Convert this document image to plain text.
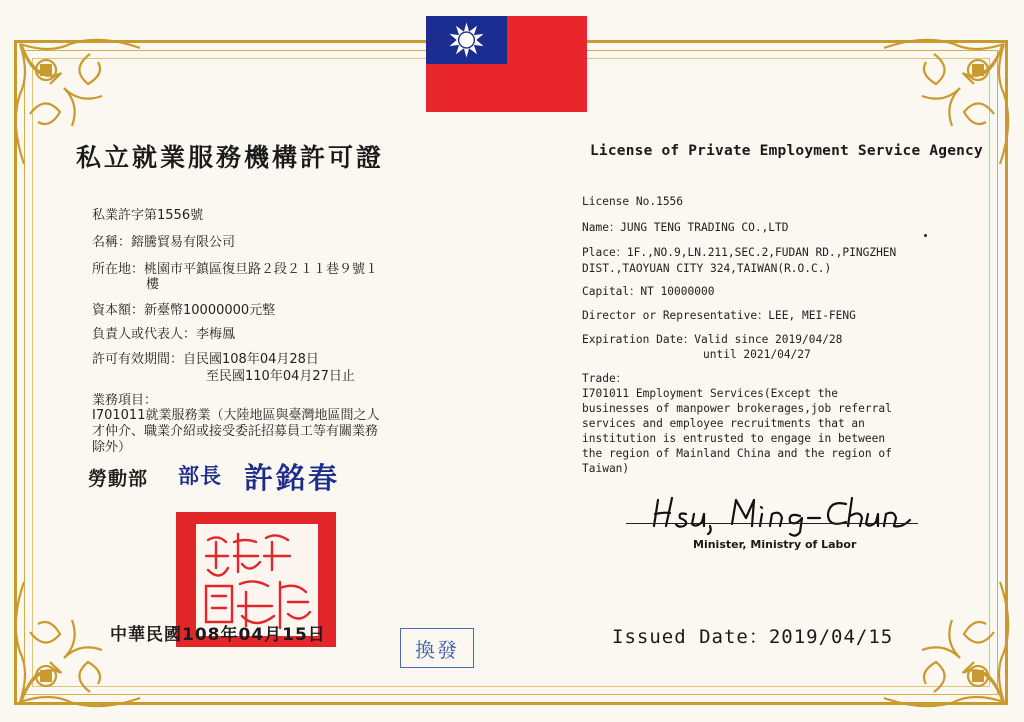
私立就業服務機構許可證	License of Private Employment Service Agency
私業許字第1556號
名稱：鎔騰貿易有限公司
所在地：桃園市平鎮區復旦路２段２１１巷９號１
樓
資本額：新臺幣10000000元整
負責人或代表人：李梅鳳
許可有效期間：自民國108年04月28日
至民國110年04月27日止
業務項目：
I701011就業服務業（大陸地區與臺灣地區間之人
才仲介、職業介紹或接受委託招募員工等有關業務
除外）
License No.1556
Name：JUNG TENG TRADING CO.,LTD
Place：1F.,NO.9,LN.211,SEC.2,FUDAN RD.,PINGZHEN
DIST.,TAOYUAN CITY 324,TAIWAN(R.O.C.)
Capital：NT 10000000
Director or Representative：LEE, MEI-FENG
Expiration Date：Valid since 2019/04/28
until 2021/04/27
Trade：
I701011 Employment Services(Except the
businesses of manpower brokerages,job referral
services and employee recruitments that an
institution is entrusted to engage in between
the region of Mainland China and the region of
Taiwan)
勞動部 部長 許銘春
中華民國108年04月15日
換發
Minister, Ministry of Labor
Issued Date：2019/04/15
